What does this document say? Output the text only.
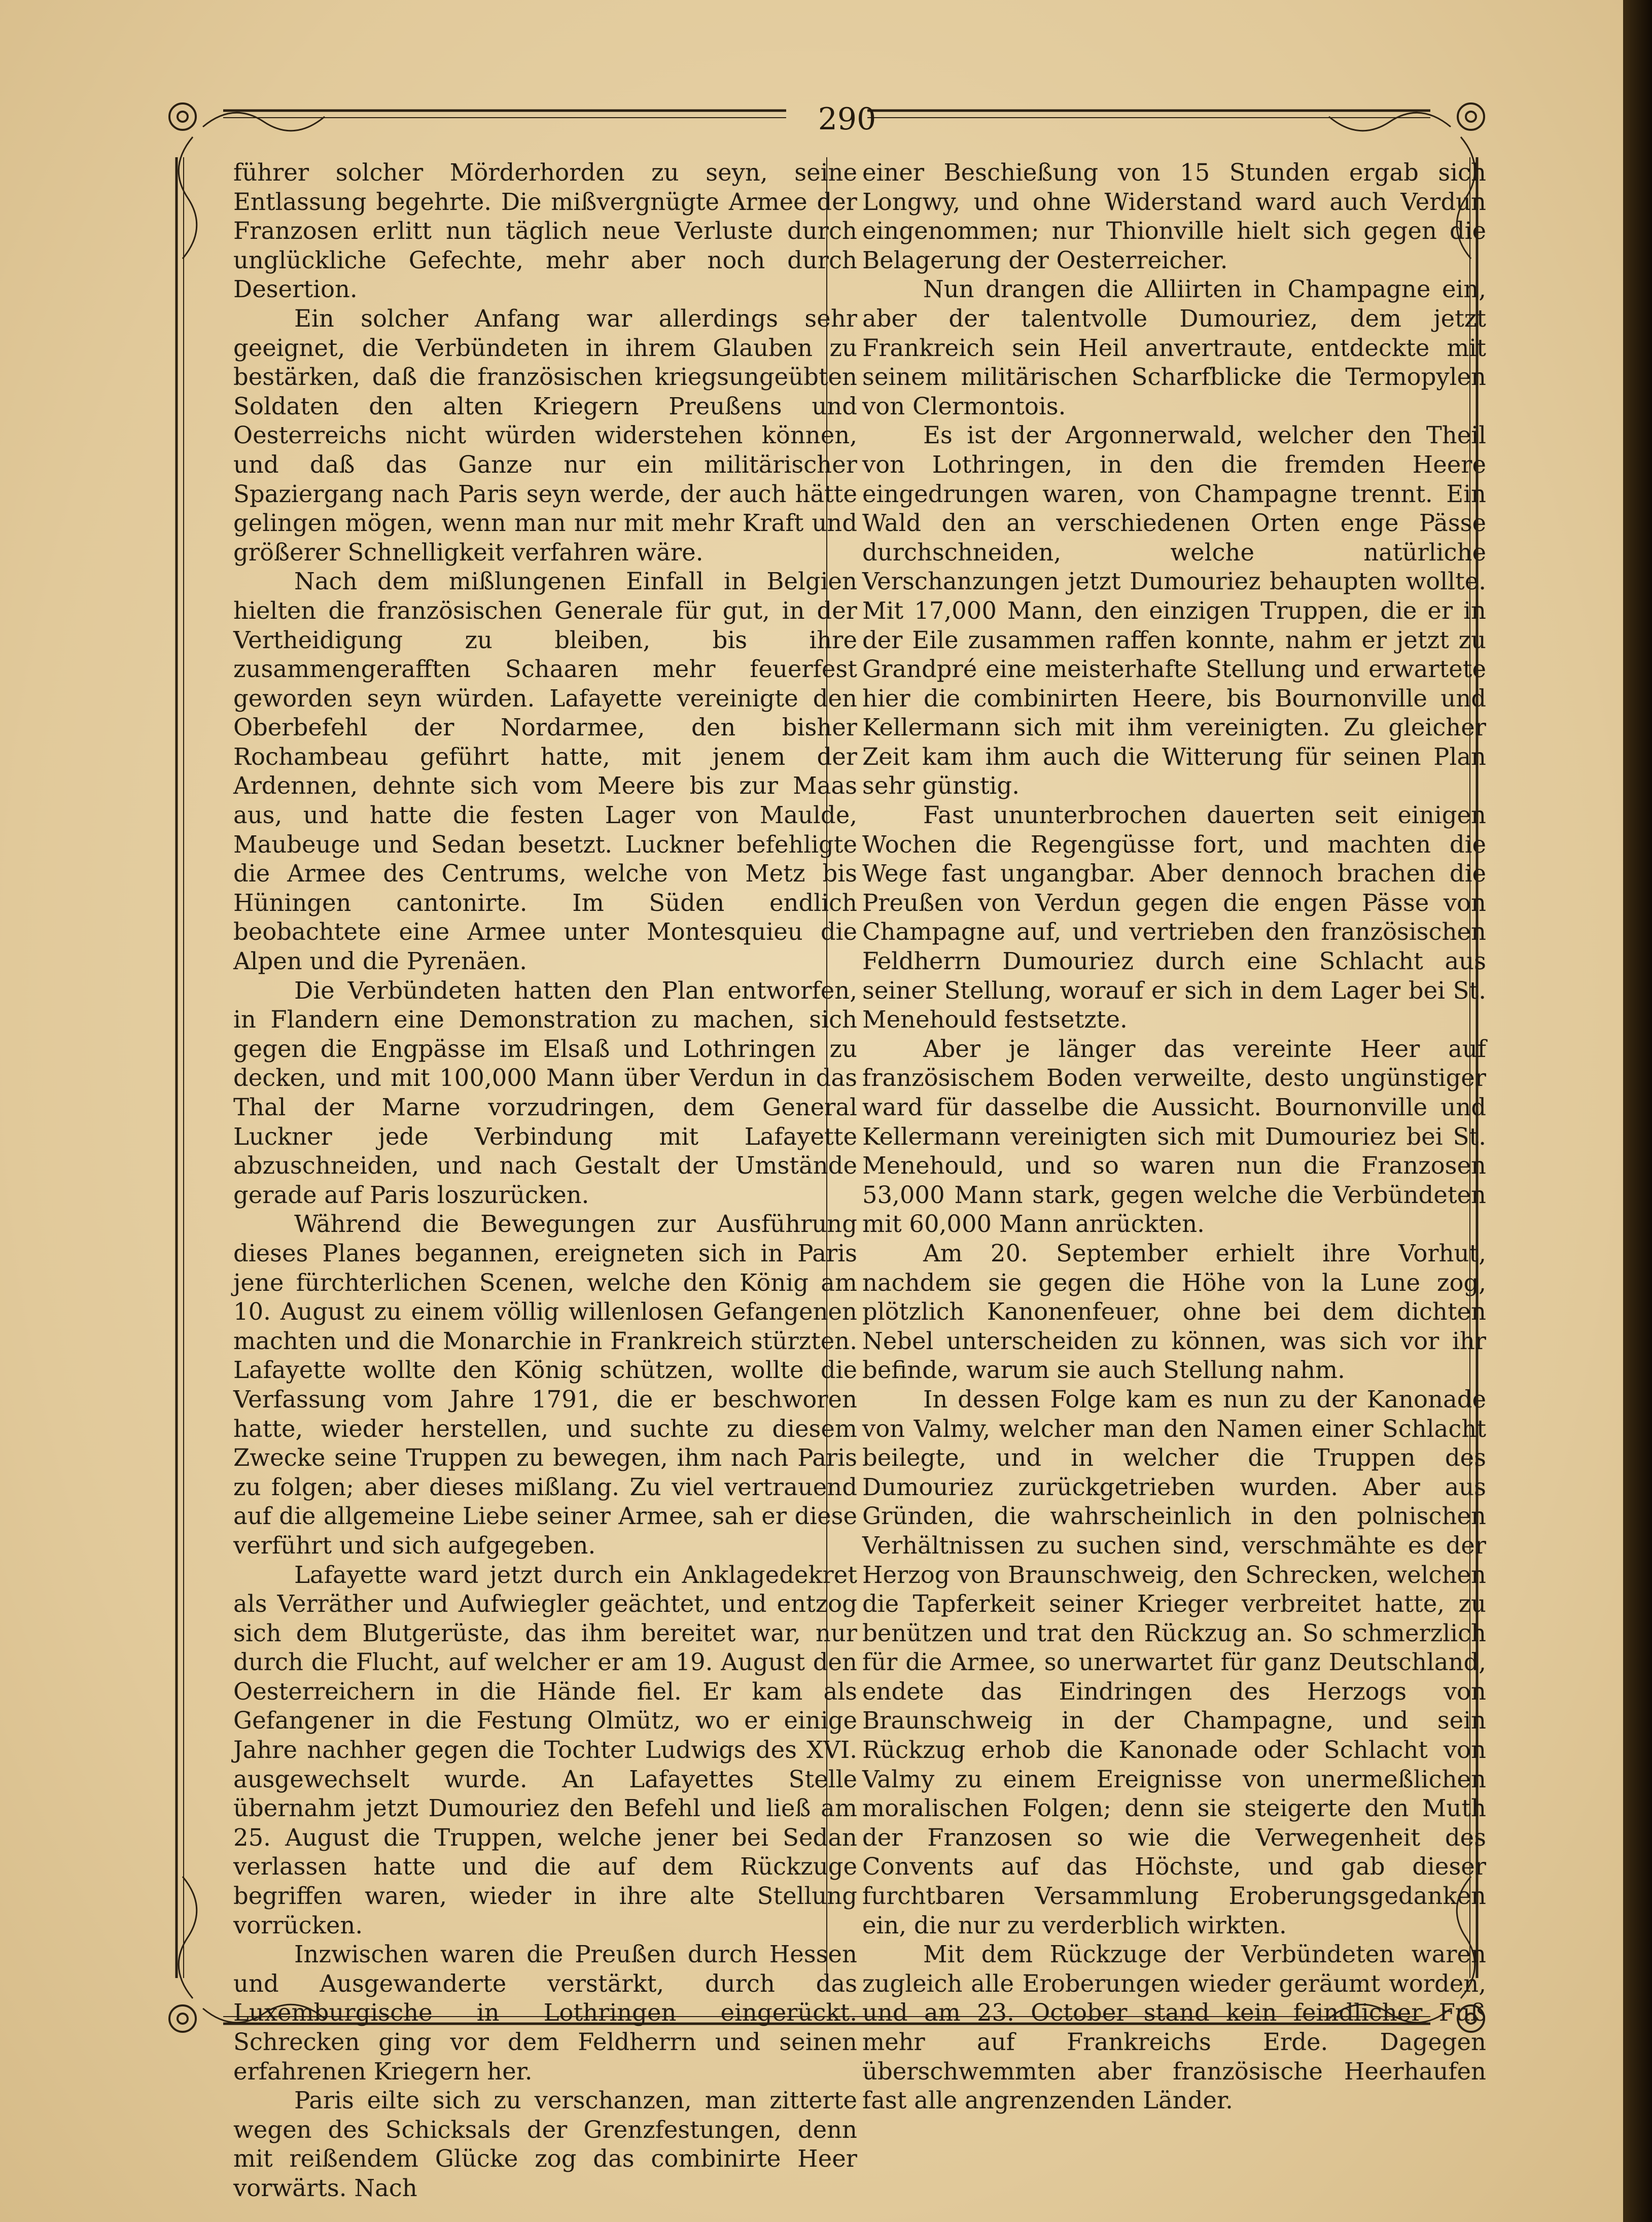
290

führer solcher Mörderhorden zu seyn, seine Entlassung begehrte. Die mißvergnügte Armee der Franzosen erlitt nun täglich neue Verluste durch unglückliche Gefechte, mehr aber noch durch Desertion.

Ein solcher Anfang war allerdings sehr geeignet, die Verbündeten in ihrem Glauben zu bestärken, daß die französischen kriegsungeübten Soldaten den alten Kriegern Preußens und Oesterreichs nicht würden widerstehen können, und daß das Ganze nur ein militärischer Spaziergang nach Paris seyn werde, der auch hätte gelingen mögen, wenn man nur mit mehr Kraft und größerer Schnelligkeit verfahren wäre.

Nach dem mißlungenen Einfall in Belgien hielten die französischen Generale für gut, in der Vertheidigung zu bleiben, bis ihre zusammengerafften Schaaren mehr feuerfest geworden seyn würden. Lafayette vereinigte den Oberbefehl der Nordarmee, den bisher Rochambeau geführt hatte, mit jenem der Ardennen, dehnte sich vom Meere bis zur Maas aus, und hatte die festen Lager von Maulde, Maubeuge und Sedan besetzt. Luckner befehligte die Armee des Centrums, welche von Metz bis Hüningen cantonirte. Im Süden endlich beobachtete eine Armee unter Montesquieu die Alpen und die Pyrenäen.

Die Verbündeten hatten den Plan entworfen, in Flandern eine Demonstration zu machen, sich gegen die Engpässe im Elsaß und Lothringen zu decken, und mit 100,000 Mann über Verdun in das Thal der Marne vorzudringen, dem General Luckner jede Verbindung mit Lafayette abzuschneiden, und nach Gestalt der Umstände gerade auf Paris loszurücken.

Während die Bewegungen zur Ausführung dieses Planes begannen, ereigneten sich in Paris jene fürchterlichen Scenen, welche den König am 10. August zu einem völlig willenlosen Gefangenen machten und die Monarchie in Frankreich stürzten. Lafayette wollte den König schützen, wollte die Verfassung vom Jahre 1791, die er beschworen hatte, wieder herstellen, und suchte zu diesem Zwecke seine Truppen zu bewegen, ihm nach Paris zu folgen; aber dieses mißlang. Zu viel vertrauend auf die allgemeine Liebe seiner Armee, sah er diese verführt und sich aufgegeben.

Lafayette ward jetzt durch ein Anklagedekret als Verräther und Aufwiegler geächtet, und entzog sich dem Blutgerüste, das ihm bereitet war, nur durch die Flucht, auf welcher er am 19. August den Oesterreichern in die Hände fiel. Er kam als Gefangener in die Festung Olmütz, wo er einige Jahre nachher gegen die Tochter Ludwigs des XVI. ausgewechselt wurde. An Lafayettes Stelle übernahm jetzt Dumouriez den Befehl und ließ am 25. August die Truppen, welche jener bei Sedan verlassen hatte und die auf dem Rückzuge begriffen waren, wieder in ihre alte Stellung vorrücken.

Inzwischen waren die Preußen durch Hessen und Ausgewanderte verstärkt, durch das Luxemburgische in Lothringen eingerückt. Schrecken ging vor dem Feldherrn und seinen erfahrenen Kriegern her.

Paris eilte sich zu verschanzen, man zitterte wegen des Schicksals der Grenzfestungen, denn mit reißendem Glücke zog das combinirte Heer vorwärts. Nach

einer Beschießung von 15 Stunden ergab sich Longwy, und ohne Widerstand ward auch Verdun eingenommen; nur Thionville hielt sich gegen die Belagerung der Oesterreicher.

Nun drangen die Alliirten in Champagne ein, aber der talentvolle Dumouriez, dem jetzt Frankreich sein Heil anvertraute, entdeckte mit seinem militärischen Scharfblicke die Termopylen von Clermontois.

Es ist der Argonnerwald, welcher den Theil von Lothringen, in den die fremden Heere eingedrungen waren, von Champagne trennt. Ein Wald den an verschiedenen Orten enge Pässe durchschneiden, welche natürliche Verschanzungen jetzt Dumouriez behaupten wollte. Mit 17,000 Mann, den einzigen Truppen, die er in der Eile zusammen raffen konnte, nahm er jetzt zu Grandpré eine meisterhafte Stellung und erwartete hier die combinirten Heere, bis Bournonville und Kellermann sich mit ihm vereinigten. Zu gleicher Zeit kam ihm auch die Witterung für seinen Plan sehr günstig.

Fast ununterbrochen dauerten seit einigen Wochen die Regengüsse fort, und machten die Wege fast ungangbar. Aber dennoch brachen die Preußen von Verdun gegen die engen Pässe von Champagne auf, und vertrieben den französischen Feldherrn Dumouriez durch eine Schlacht aus seiner Stellung, worauf er sich in dem Lager bei St. Menehould festsetzte.

Aber je länger das vereinte Heer auf französischem Boden verweilte, desto ungünstiger ward für dasselbe die Aussicht. Bournonville und Kellermann vereinigten sich mit Dumouriez bei St. Menehould, und so waren nun die Franzosen 53,000 Mann stark, gegen welche die Verbündeten mit 60,000 Mann anrückten.

Am 20. September erhielt ihre Vorhut, nachdem sie gegen die Höhe von la Lune zog, plötzlich Kanonenfeuer, ohne bei dem dichten Nebel unterscheiden zu können, was sich vor ihr befinde, warum sie auch Stellung nahm.

In dessen Folge kam es nun zu der Kanonade von Valmy, welcher man den Namen einer Schlacht beilegte, und in welcher die Truppen des Dumouriez zurückgetrieben wurden. Aber aus Gründen, die wahrscheinlich in den polnischen Verhältnissen zu suchen sind, verschmähte es der Herzog von Braunschweig, den Schrecken, welchen die Tapferkeit seiner Krieger verbreitet hatte, zu benützen und trat den Rückzug an. So schmerzlich für die Armee, so unerwartet für ganz Deutschland, endete das Eindringen des Herzogs von Braunschweig in der Champagne, und sein Rückzug erhob die Kanonade oder Schlacht von Valmy zu einem Ereignisse von unermeßlichen moralischen Folgen; denn sie steigerte den Muth der Franzosen so wie die Verwegenheit des Convents auf das Höchste, und gab dieser furchtbaren Versammlung Eroberungsgedanken ein, die nur zu verderblich wirkten.

Mit dem Rückzuge der Verbündeten waren zugleich alle Eroberungen wieder geräumt worden, und am 23. October stand kein feindlicher Fuß mehr auf Frankreichs Erde. Dagegen überschwemmten aber französische Heerhaufen fast alle angrenzenden Länder.
